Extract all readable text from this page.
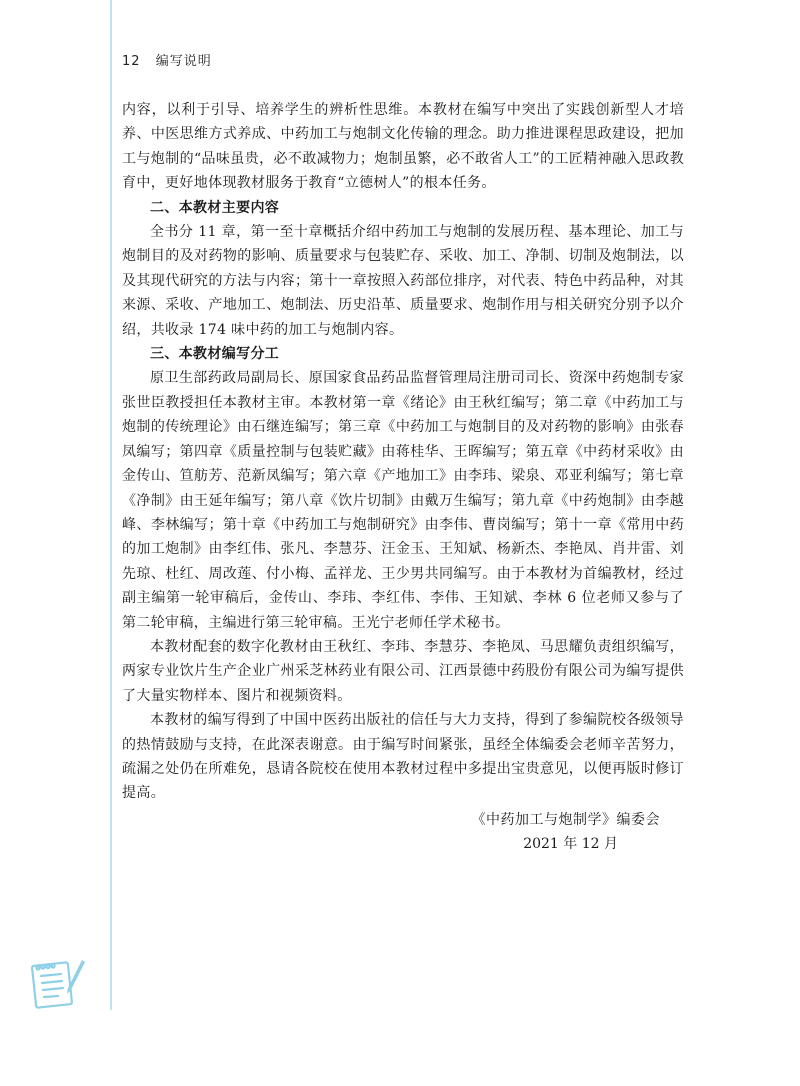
12 编写说明

内容，以利于引导、培养学生的辨析性思维。本教材在编写中突出了实践创新型人才培养、中医思维方式养成、中药加工与炮制文化传输的理念。助力推进课程思政建设，把加工与炮制的“品味虽贵，必不敢减物力；炮制虽繁，必不敢省人工”的工匠精神融入思政教育中，更好地体现教材服务于教育“立德树人”的根本任务。

二、本教材主要内容

全书分 11 章，第一至十章概括介绍中药加工与炮制的发展历程、基本理论、加工与炮制目的及对药物的影响、质量要求与包装贮存、采收、加工、净制、切制及炮制法，以及其现代研究的方法与内容；第十一章按照入药部位排序，对代表、特色中药品种，对其来源、采收、产地加工、炮制法、历史沿革、质量要求、炮制作用与相关研究分别予以介绍，共收录 174 味中药的加工与炮制内容。

三、本教材编写分工

原卫生部药政局副局长、原国家食品药品监督管理局注册司司长、资深中药炮制专家张世臣教授担任本教材主审。本教材第一章《绪论》由王秋红编写；第二章《中药加工与炮制的传统理论》由石继连编写；第三章《中药加工与炮制目的及对药物的影响》由张春凤编写；第四章《质量控制与包装贮藏》由蒋桂华、王晖编写；第五章《中药材采收》由金传山、笪舫芳、范新凤编写；第六章《产地加工》由李玮、梁泉、邓亚利编写；第七章《净制》由王延年编写；第八章《饮片切制》由戴万生编写；第九章《中药炮制》由李越峰、李林编写；第十章《中药加工与炮制研究》由李伟、曹岗编写；第十一章《常用中药的加工炮制》由李红伟、张凡、李慧芬、汪金玉、王知斌、杨新杰、李艳凤、肖井雷、刘先琼、杜红、周改莲、付小梅、孟祥龙、王少男共同编写。由于本教材为首编教材，经过副主编第一轮审稿后，金传山、李玮、李红伟、李伟、王知斌、李林 6 位老师又参与了第二轮审稿，主编进行第三轮审稿。王光宁老师任学术秘书。

本教材配套的数字化教材由王秋红、李玮、李慧芬、李艳凤、马思耀负责组织编写，两家专业饮片生产企业广州采芝林药业有限公司、江西景德中药股份有限公司为编写提供了大量实物样本、图片和视频资料。

本教材的编写得到了中国中医药出版社的信任与大力支持，得到了参编院校各级领导的热情鼓励与支持，在此深表谢意。由于编写时间紧张，虽经全体编委会老师辛苦努力，疏漏之处仍在所难免，恳请各院校在使用本教材过程中多提出宝贵意见，以便再版时修订提高。

《中药加工与炮制学》编委会
2021 年 12 月
